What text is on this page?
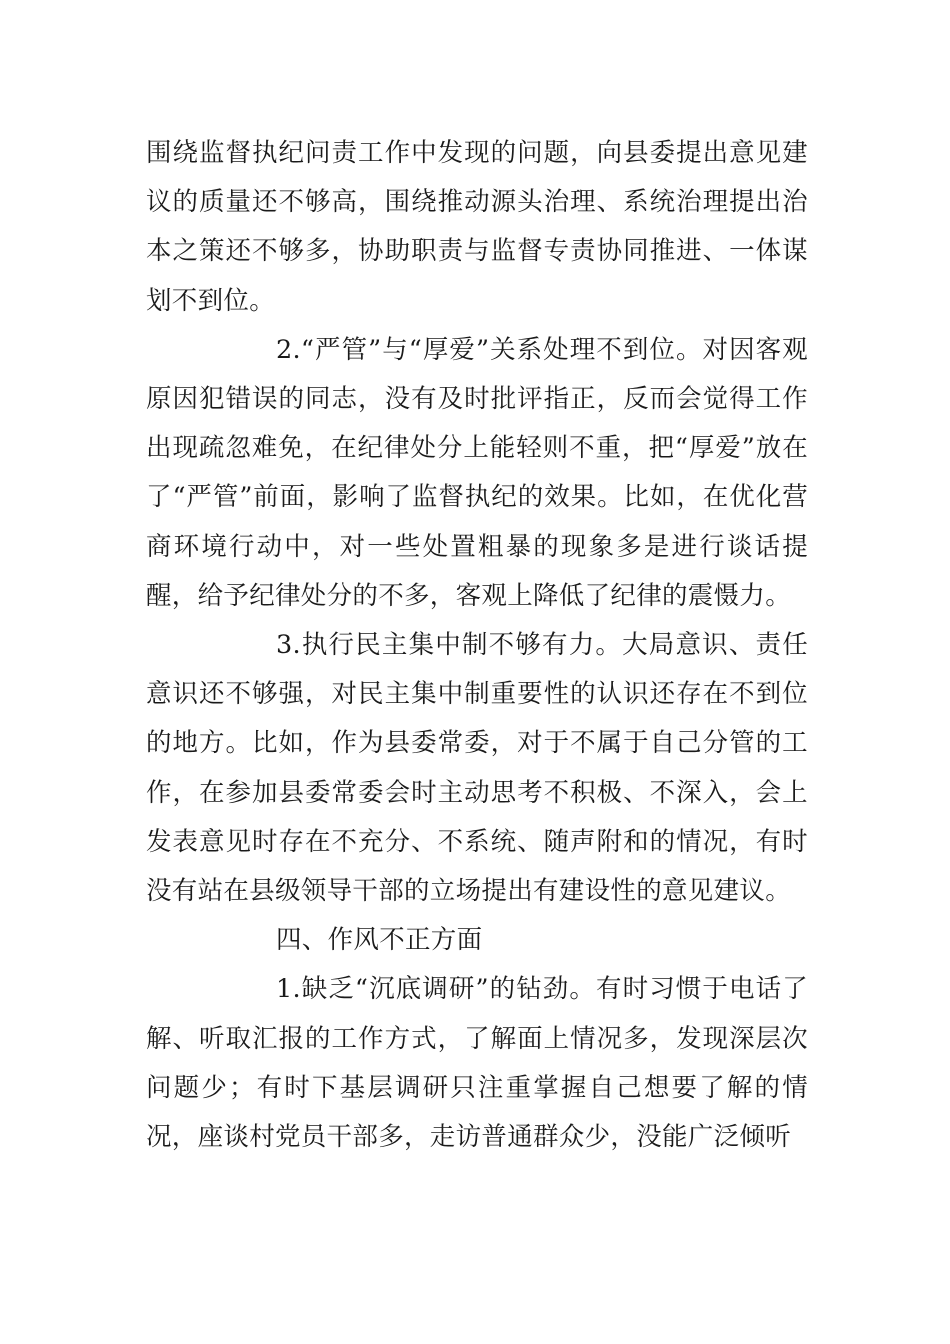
围绕监督执纪问责工作中发现的问题，向县委提出意见建议的质量还不够高，围绕推动源头治理、系统治理提出治本之策还不够多，协助职责与监督专责协同推进、一体谋划不到位。

2.“严管”与“厚爱”关系处理不到位。对因客观原因犯错误的同志，没有及时批评指正，反而会觉得工作出现疏忽难免，在纪律处分上能轻则不重，把“厚爱”放在了“严管”前面，影响了监督执纪的效果。比如，在优化营商环境行动中，对一些处置粗暴的现象多是进行谈话提醒，给予纪律处分的不多，客观上降低了纪律的震慑力。

3.执行民主集中制不够有力。大局意识、责任意识还不够强，对民主集中制重要性的认识还存在不到位的地方。比如，作为县委常委，对于不属于自己分管的工作，在参加县委常委会时主动思考不积极、不深入，会上发表意见时存在不充分、不系统、随声附和的情况，有时没有站在县级领导干部的立场提出有建设性的意见建议。

四、作风不正方面

1.缺乏“沉底调研”的钻劲。有时习惯于电话了解、听取汇报的工作方式，了解面上情况多，发现深层次问题少；有时下基层调研只注重掌握自己想要了解的情况，座谈村党员干部多，走访普通群众少，没能广泛倾听
